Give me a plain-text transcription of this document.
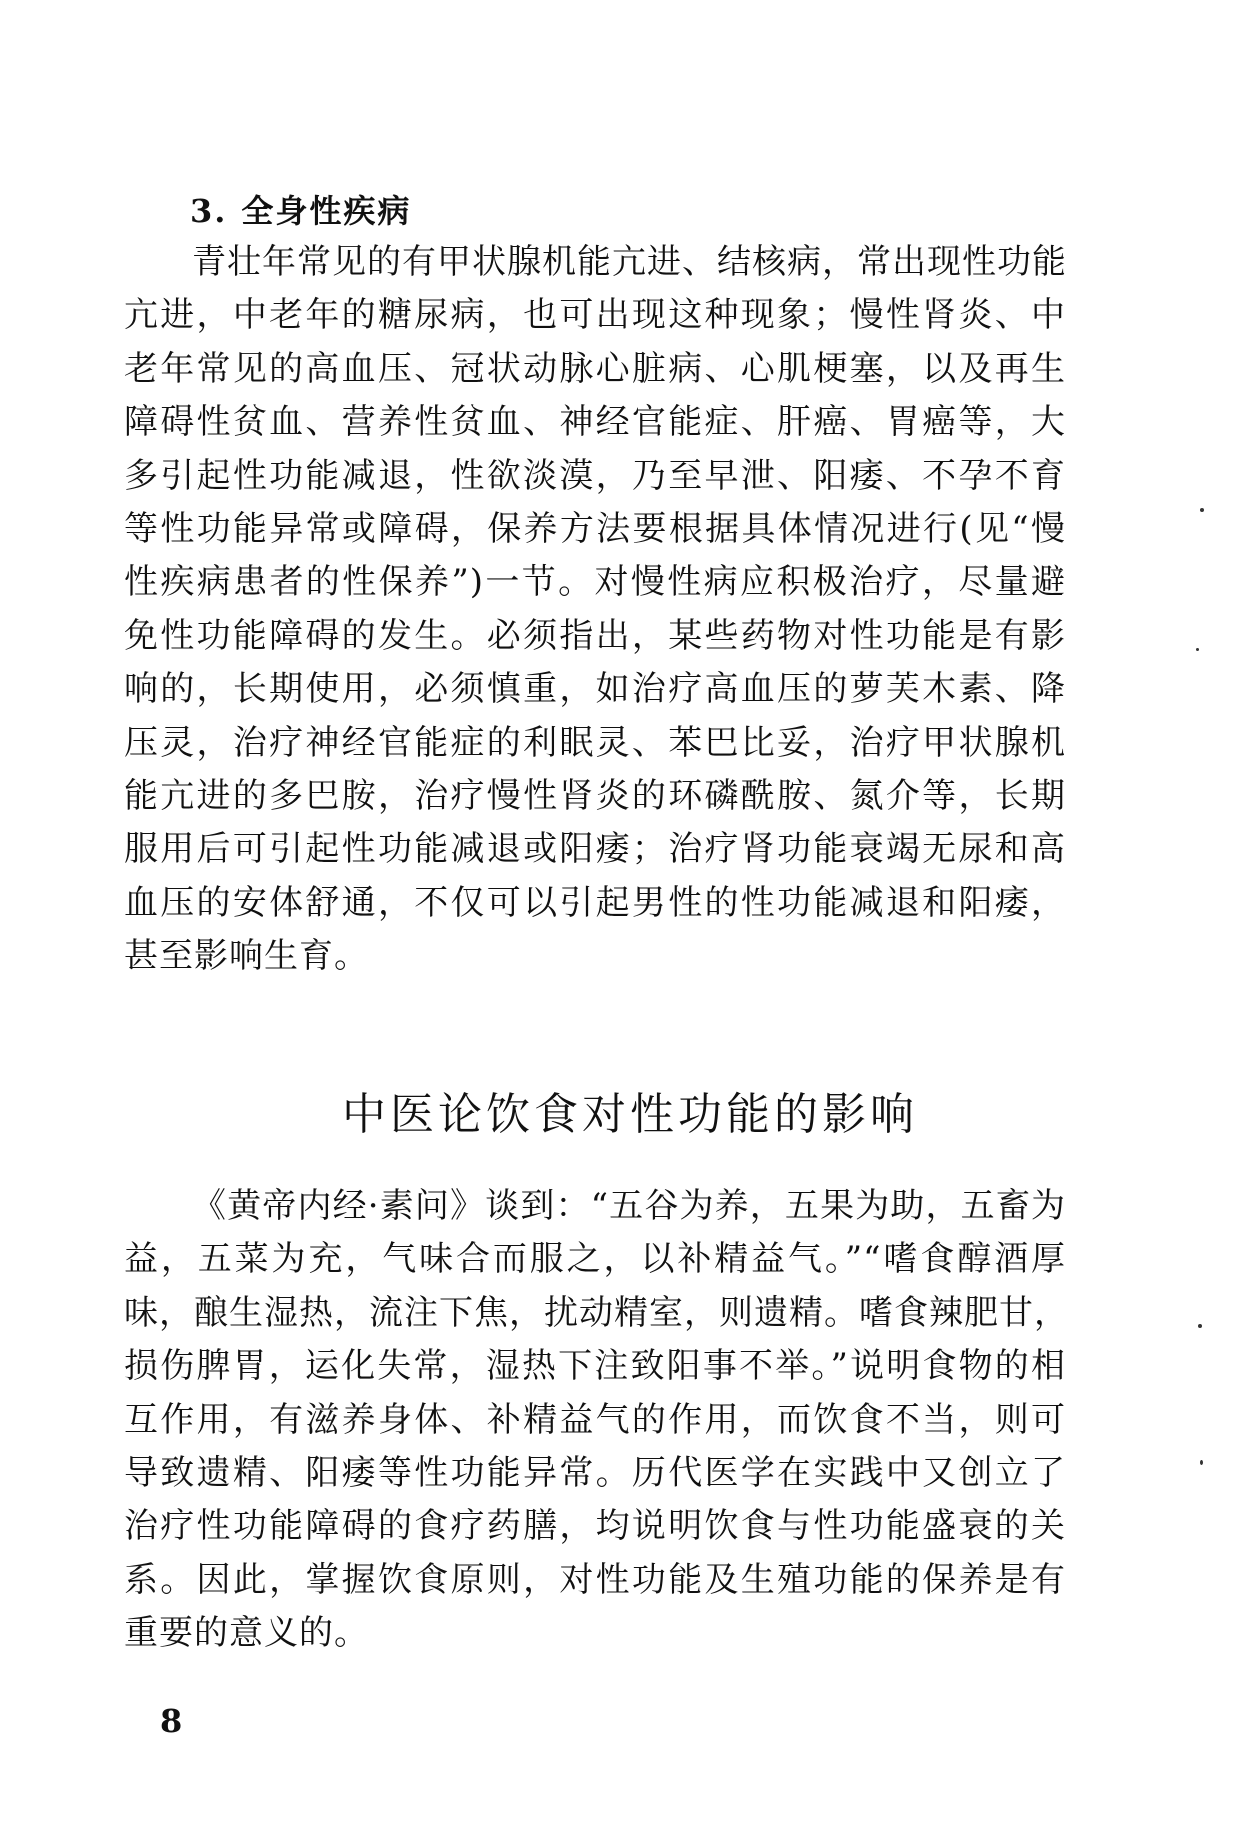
3. 全身性疾病
青壮年常见的有甲状腺机能亢进、结核病，常出现性功能
亢进，中老年的糖尿病，也可出现这种现象；慢性肾炎、中
老年常见的高血压、冠状动脉心脏病、心肌梗塞，以及再生
障碍性贫血、营养性贫血、神经官能症、肝癌、胃癌等，大
多引起性功能减退，性欲淡漠，乃至早泄、阳痿、不孕不育
等性功能异常或障碍，保养方法要根据具体情况进行(见“慢
性疾病患者的性保养”)一节。对慢性病应积极治疗，尽量避
免性功能障碍的发生。必须指出，某些药物对性功能是有影
响的，长期使用，必须慎重，如治疗高血压的萝芙木素、降
压灵，治疗神经官能症的利眠灵、苯巴比妥，治疗甲状腺机
能亢进的多巴胺，治疗慢性肾炎的环磷酰胺、氮介等，长期
服用后可引起性功能减退或阳痿；治疗肾功能衰竭无尿和高
血压的安体舒通，不仅可以引起男性的性功能减退和阳痿，
甚至影响生育。
中医论饮食对性功能的影响
《黄帝内经·素问》谈到：“五谷为养，五果为助，五畜为
益，五菜为充，气味合而服之，以补精益气。”“嗜食醇酒厚
味，酿生湿热，流注下焦，扰动精室，则遗精。嗜食辣肥甘，
损伤脾胃，运化失常，湿热下注致阳事不举。”说明食物的相
互作用，有滋养身体、补精益气的作用，而饮食不当，则可
导致遗精、阳痿等性功能异常。历代医学在实践中又创立了
治疗性功能障碍的食疗药膳，均说明饮食与性功能盛衰的关
系。因此，掌握饮食原则，对性功能及生殖功能的保养是有
重要的意义的。
8
